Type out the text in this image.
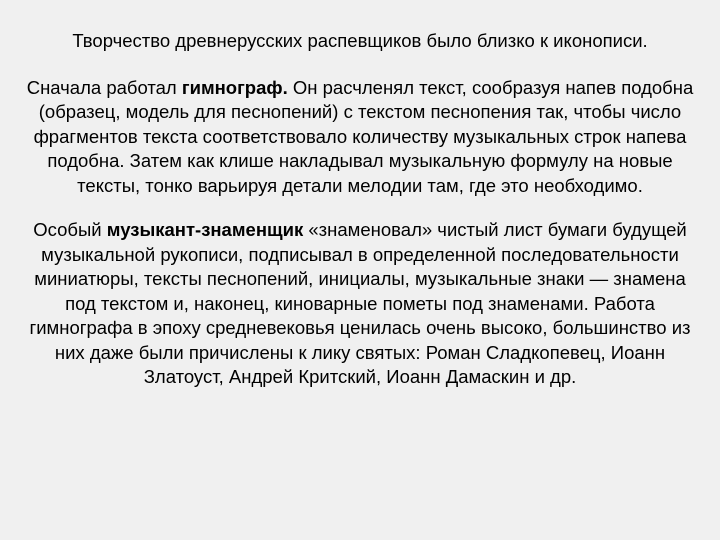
Творчество древнерусских распевщиков было близко к иконописи.

Сначала работал гимнограф. Он расчленял текст, сообразуя напев подобна (образец, модель для песнопений) с текстом песнопения так, чтобы число фрагментов текста соответствовало количеству музыкальных строк напева подобна. Затем как клише накладывал музыкальную формулу на новые тексты, тонко варьируя детали мелодии там, где это необходимо.

Особый музыкант-знаменщик «знаменовал» чистый лист бумаги будущей музыкальной рукописи, подписывал в определенной последовательности миниатюры, тексты песнопений, инициалы, музыкальные знаки — знамена под текстом и, наконец, киноварные пометы под знаменами. Работа гимнографа в эпоху средневековья ценилась очень высоко, большинство из них даже были причислены к лику святых: Роман Сладкопевец, Иоанн Златоуст, Андрей Критский, Иоанн Дамаскин и др.
